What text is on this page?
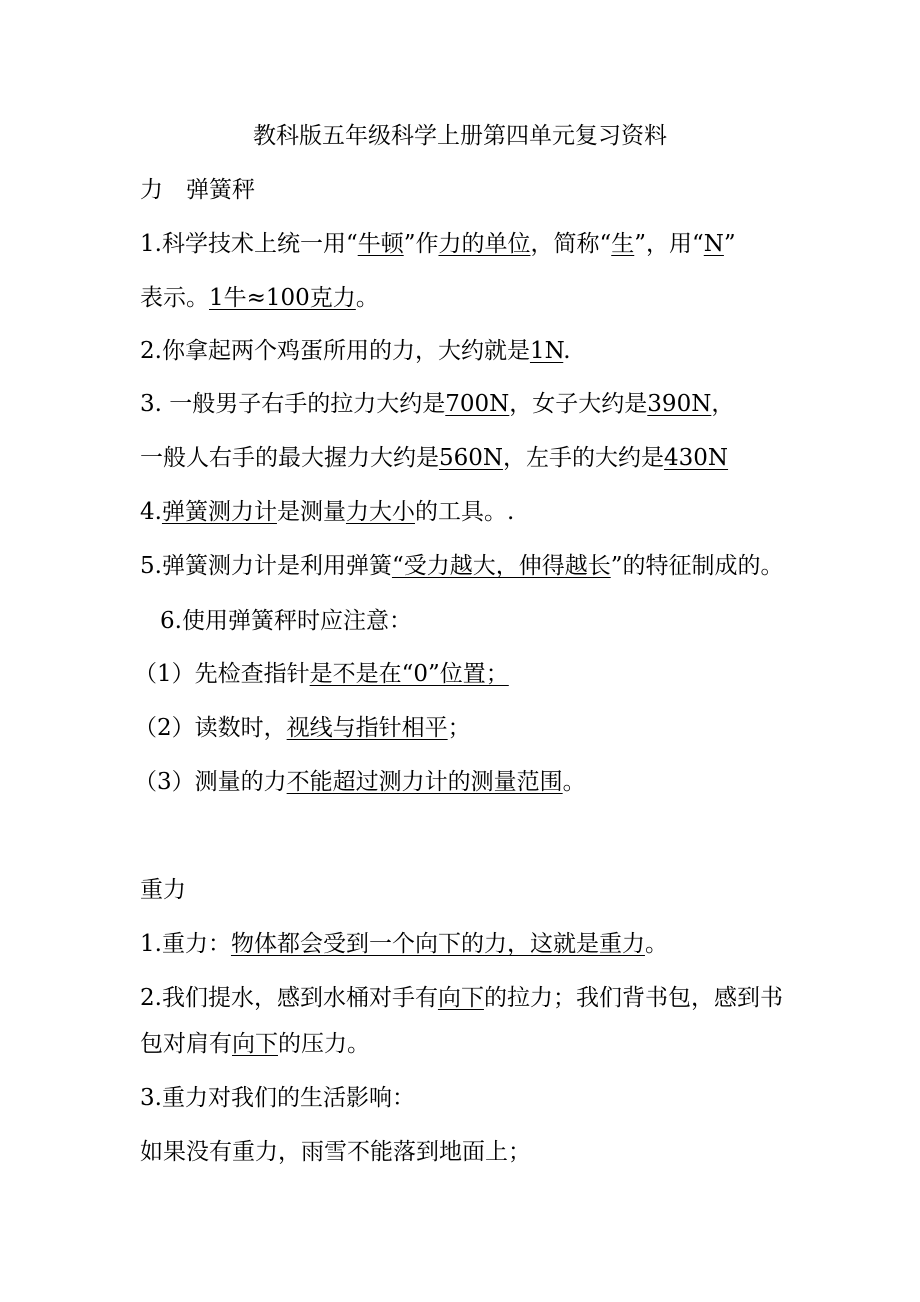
教科版五年级科学上册第四单元复习资料
力　弹簧秤
1.科学技术上统一用“牛顿”作力的单位，简称“生”，用“N”
表示。1牛≈100克力。
2.你拿起两个鸡蛋所用的力，大约就是1N.
3. 一般男子右手的拉力大约是700N，女子大约是390N，
一般人右手的最大握力大约是560N，左手的大约是430N
4.弹簧测力计是测量力大小的工具。.
5.弹簧测力计是利用弹簧“受力越大，伸得越长”的特征制成的。
6.使用弹簧秤时应注意：
（1）先检查指针是不是在“0”位置；
（2）读数时，视线与指针相平；
（3）测量的力不能超过测力计的测量范围。
重力
1.重力：物体都会受到一个向下的力，这就是重力。
2.我们提水，感到水桶对手有向下的拉力；我们背书包，感到书
包对肩有向下的压力。
3.重力对我们的生活影响：
如果没有重力，雨雪不能落到地面上；
